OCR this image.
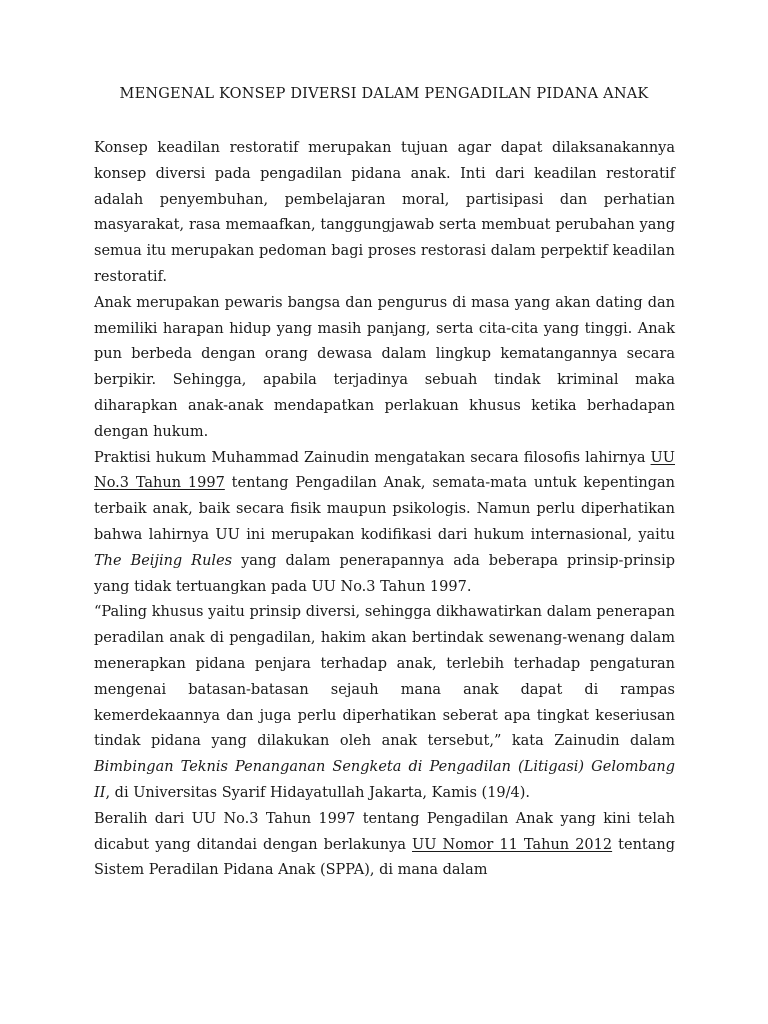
MENGENAL KONSEP DIVERSI DALAM PENGADILAN PIDANA ANAK

Konsep keadilan restoratif merupakan tujuan agar dapat dilaksanakannya konsep diversi pada pengadilan pidana anak. Inti dari keadilan restoratif adalah penyembuhan, pembelajaran moral, partisipasi dan perhatian masyarakat, rasa memaafkan, tanggungjawab serta membuat perubahan yang semua itu merupakan pedoman bagi proses restorasi dalam perpektif keadilan restoratif.

Anak merupakan pewaris bangsa dan pengurus di masa yang akan dating dan memiliki harapan hidup yang masih panjang, serta cita-cita yang tinggi. Anak pun berbeda dengan orang dewasa dalam lingkup kematangannya secara berpikir. Sehingga, apabila terjadinya sebuah tindak kriminal maka diharapkan anak-anak mendapatkan perlakuan khusus ketika berhadapan dengan hukum.

Praktisi hukum Muhammad Zainudin mengatakan secara filosofis lahirnya UU No.3 Tahun 1997 tentang Pengadilan Anak, semata-mata untuk kepentingan terbaik anak, baik secara fisik maupun psikologis. Namun perlu diperhatikan bahwa lahirnya UU ini merupakan kodifikasi dari hukum internasional, yaitu The Beijing Rules yang dalam penerapannya ada beberapa prinsip-prinsip yang tidak tertuangkan pada UU No.3 Tahun 1997.

“Paling khusus yaitu prinsip diversi, sehingga dikhawatirkan dalam penerapan peradilan anak di pengadilan, hakim akan bertindak sewenang-wenang dalam menerapkan pidana penjara terhadap anak, terlebih terhadap pengaturan mengenai batasan-batasan sejauh mana anak dapat di rampas kemerdekaannya dan juga perlu diperhatikan seberat apa tingkat keseriusan tindak pidana yang dilakukan oleh anak tersebut,” kata Zainudin dalam Bimbingan Teknis Penanganan Sengketa di Pengadilan (Litigasi) Gelombang II, di Universitas Syarif Hidayatullah Jakarta, Kamis (19/4).

Beralih dari UU No.3 Tahun 1997 tentang Pengadilan Anak yang kini telah dicabut yang ditandai dengan berlakunya UU Nomor 11 Tahun 2012 tentang Sistem Peradilan Pidana Anak (SPPA), di mana dalam
